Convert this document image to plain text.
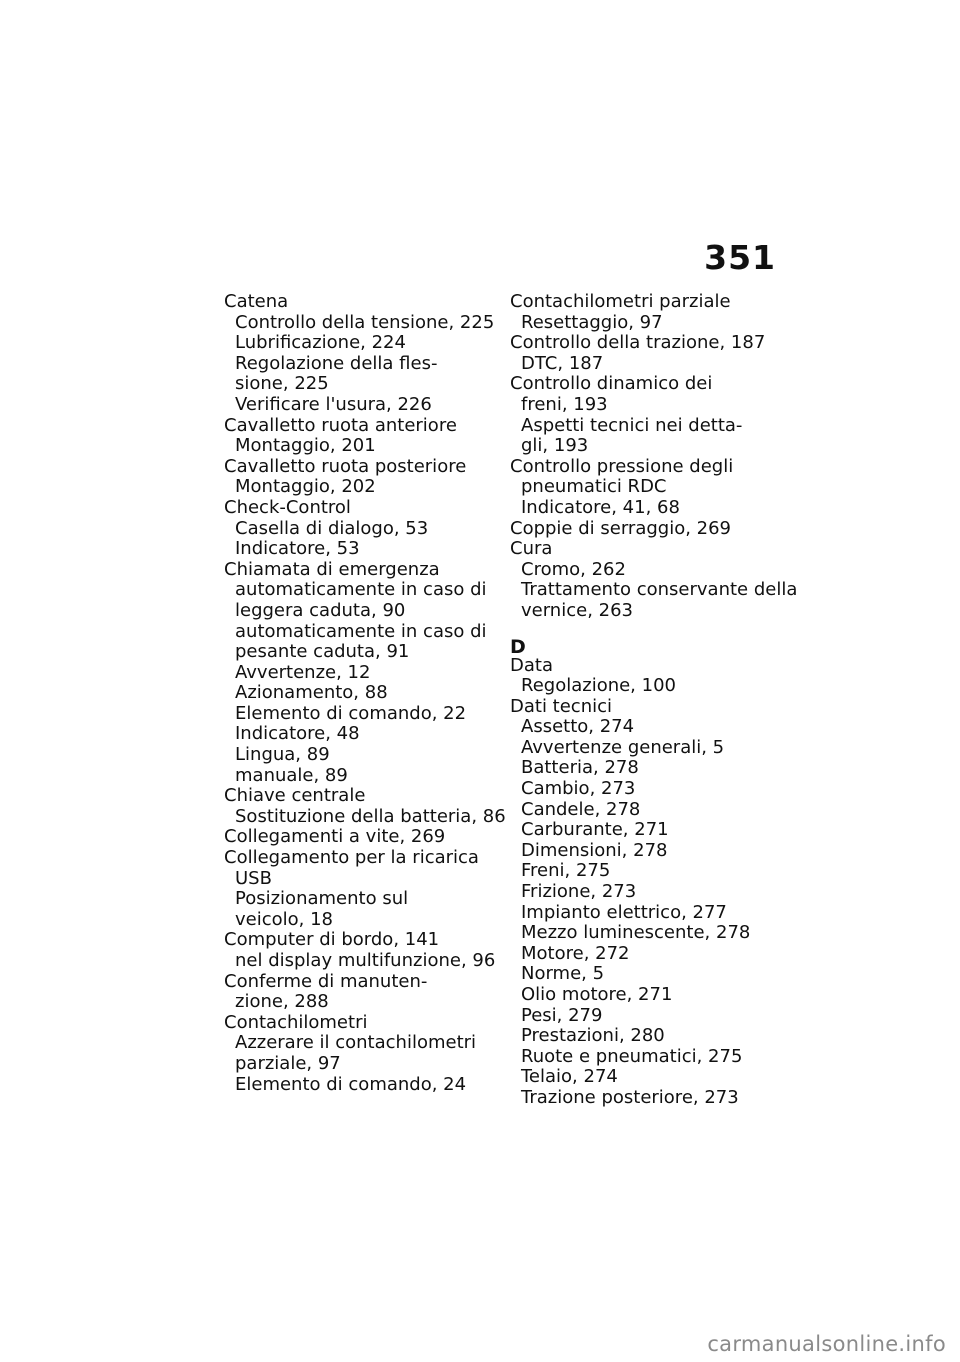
351
Catena
Controllo della tensione, 225
Lubrificazione, 224
Regolazione della fles-
sione, 225
Verificare l'usura, 226
Cavalletto ruota anteriore
Montaggio, 201
Cavalletto ruota posteriore
Montaggio, 202
Check-Control
Casella di dialogo, 53
Indicatore, 53
Chiamata di emergenza
automaticamente in caso di
leggera caduta, 90
automaticamente in caso di
pesante caduta, 91
Avvertenze, 12
Azionamento, 88
Elemento di comando, 22
Indicatore, 48
Lingua, 89
manuale, 89
Chiave centrale
Sostituzione della batteria, 86
Collegamenti a vite, 269
Collegamento per la ricarica
USB
Posizionamento sul
veicolo, 18
Computer di bordo, 141
nel display multifunzione, 96
Conferme di manuten-
zione, 288
Contachilometri
Azzerare il contachilometri
parziale, 97
Elemento di comando, 24
Contachilometri parziale
Resettaggio, 97
Controllo della trazione, 187
DTC, 187
Controllo dinamico dei
freni, 193
Aspetti tecnici nei detta-
gli, 193
Controllo pressione degli
pneumatici RDC
Indicatore, 41, 68
Coppie di serraggio, 269
Cura
Cromo, 262
Trattamento conservante della
vernice, 263
D
Data
Regolazione, 100
Dati tecnici
Assetto, 274
Avvertenze generali, 5
Batteria, 278
Cambio, 273
Candele, 278
Carburante, 271
Dimensioni, 278
Freni, 275
Frizione, 273
Impianto elettrico, 277
Mezzo luminescente, 278
Motore, 272
Norme, 5
Olio motore, 271
Pesi, 279
Prestazioni, 280
Ruote e pneumatici, 275
Telaio, 274
Trazione posteriore, 273
carmanualsonline.info
